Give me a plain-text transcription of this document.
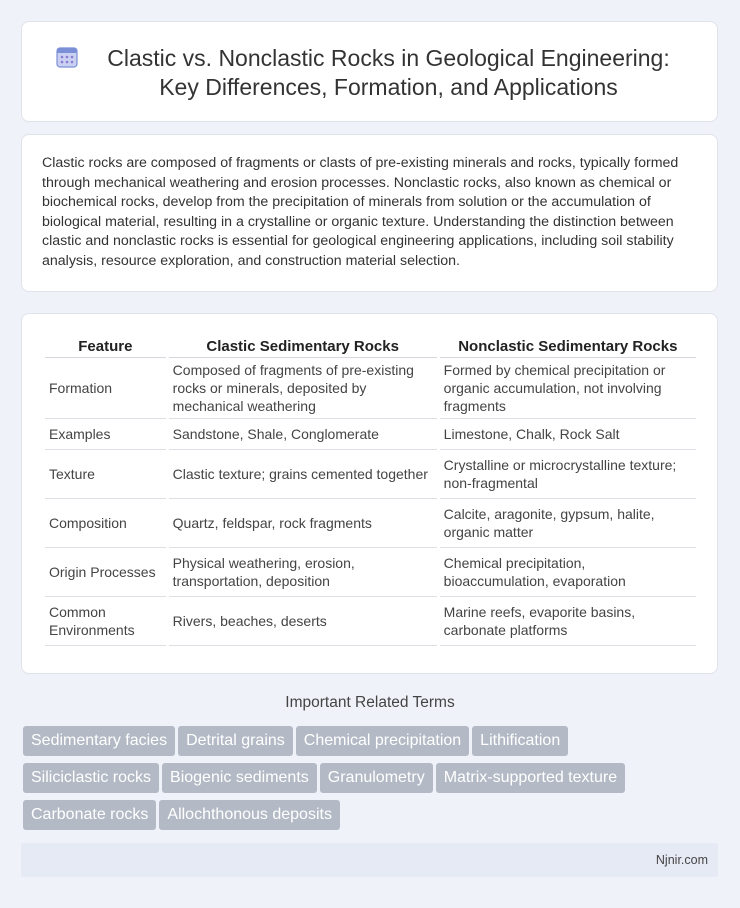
Clastic vs. Nonclastic Rocks in Geological Engineering: Key Differences, Formation, and Applications

Clastic rocks are composed of fragments or clasts of pre-existing minerals and rocks, typically formed through mechanical weathering and erosion processes. Nonclastic rocks, also known as chemical or biochemical rocks, develop from the precipitation of minerals from solution or the accumulation of biological material, resulting in a crystalline or organic texture. Understanding the distinction between clastic and nonclastic rocks is essential for geological engineering applications, including soil stability analysis, resource exploration, and construction material selection.

Feature	Clastic Sedimentary Rocks	Nonclastic Sedimentary Rocks
Formation	Composed of fragments of pre-existing rocks or minerals, deposited by mechanical weathering	Formed by chemical precipitation or organic accumulation, not involving fragments
Examples	Sandstone, Shale, Conglomerate	Limestone, Chalk, Rock Salt
Texture	Clastic texture; grains cemented together	Crystalline or microcrystalline texture; non-fragmental
Composition	Quartz, feldspar, rock fragments	Calcite, aragonite, gypsum, halite, organic matter
Origin Processes	Physical weathering, erosion, transportation, deposition	Chemical precipitation, bioaccumulation, evaporation
Common Environments	Rivers, beaches, deserts	Marine reefs, evaporite basins, carbonate platforms
Important Related Terms
Sedimentary facies Detrital grains Chemical precipitation Lithification
Siliciclastic rocks Biogenic sediments Granulometry Matrix-supported texture
Carbonate rocks Allochthonous deposits
Njnir.com
